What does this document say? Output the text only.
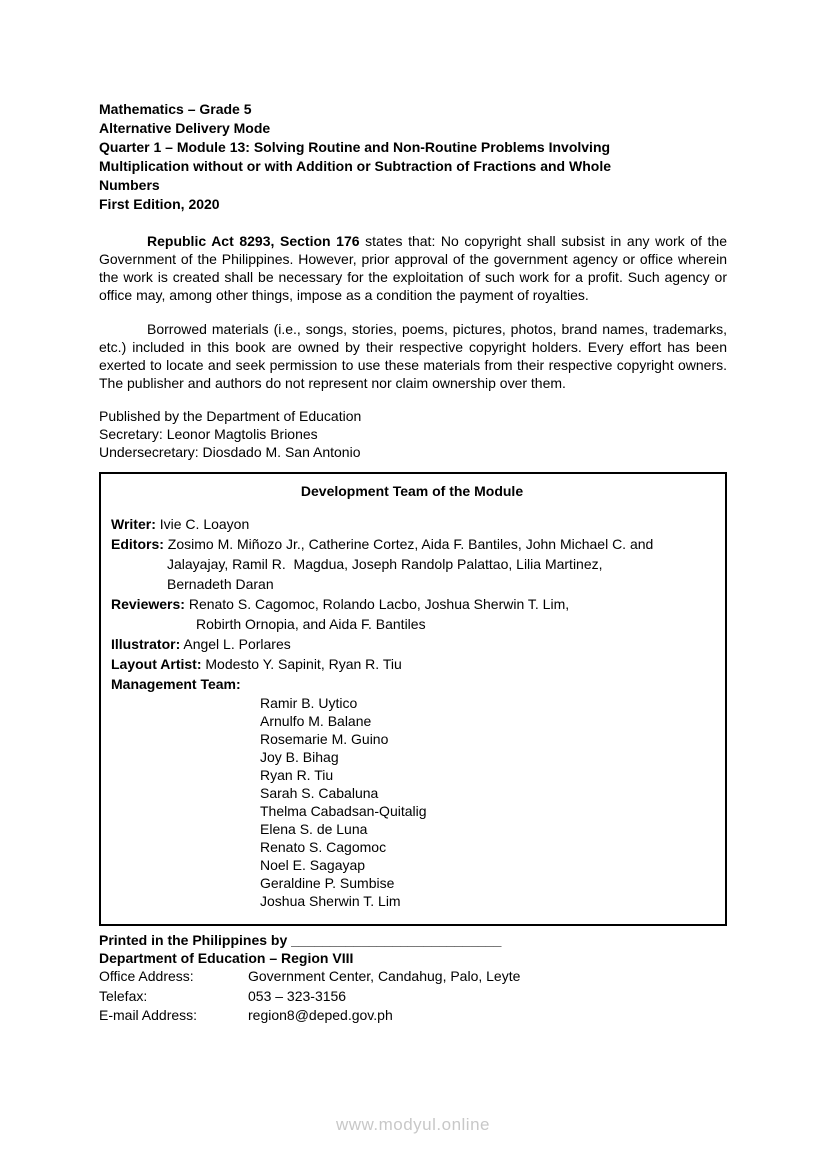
Mathematics – Grade 5
Alternative Delivery Mode
Quarter 1 – Module 13: Solving Routine and Non-Routine Problems Involving
Multiplication without or with Addition or Subtraction of Fractions and Whole
Numbers
First Edition, 2020

Republic Act 8293, Section 176 states that: No copyright shall subsist in any work of the Government of the Philippines. However, prior approval of the government agency or office wherein the work is created shall be necessary for the exploitation of such work for a profit. Such agency or office may, among other things, impose as a condition the payment of royalties.

Borrowed materials (i.e., songs, stories, poems, pictures, photos, brand names, trademarks, etc.) included in this book are owned by their respective copyright holders. Every effort has been exerted to locate and seek permission to use these materials from their respective copyright owners. The publisher and authors do not represent nor claim ownership over them.

Published by the Department of Education
Secretary: Leonor Magtolis Briones
Undersecretary: Diosdado M. San Antonio
Development Team of the Module
Writer: Ivie C. Loayon
Editors: Zosimo M. Miñozo Jr., Catherine Cortez, Aida F. Bantiles, John Michael C. and
Jalayajay, Ramil R.  Magdua, Joseph Randolp Palattao, Lilia Martinez,
Bernadeth Daran
Reviewers: Renato S. Cagomoc, Rolando Lacbo, Joshua Sherwin T. Lim,
Robirth Ornopia, and Aida F. Bantiles
Illustrator: Angel L. Porlares
Layout Artist: Modesto Y. Sapinit, Ryan R. Tiu
Management Team:
Ramir B. Uytico
Arnulfo M. Balane
Rosemarie M. Guino
Joy B. Bihag
Ryan R. Tiu
Sarah S. Cabaluna
Thelma Cabadsan-Quitalig
Elena S. de Luna
Renato S. Cagomoc
Noel E. Sagayap
Geraldine P. Sumbise
Joshua Sherwin T. Lim
Printed in the Philippines by ___________________________
Department of Education – Region VIII
Office Address:	Government Center, Candahug, Palo, Leyte
Telefax:	053 – 323-3156
E-mail Address:	region8@deped.gov.ph
www.modyul.online
